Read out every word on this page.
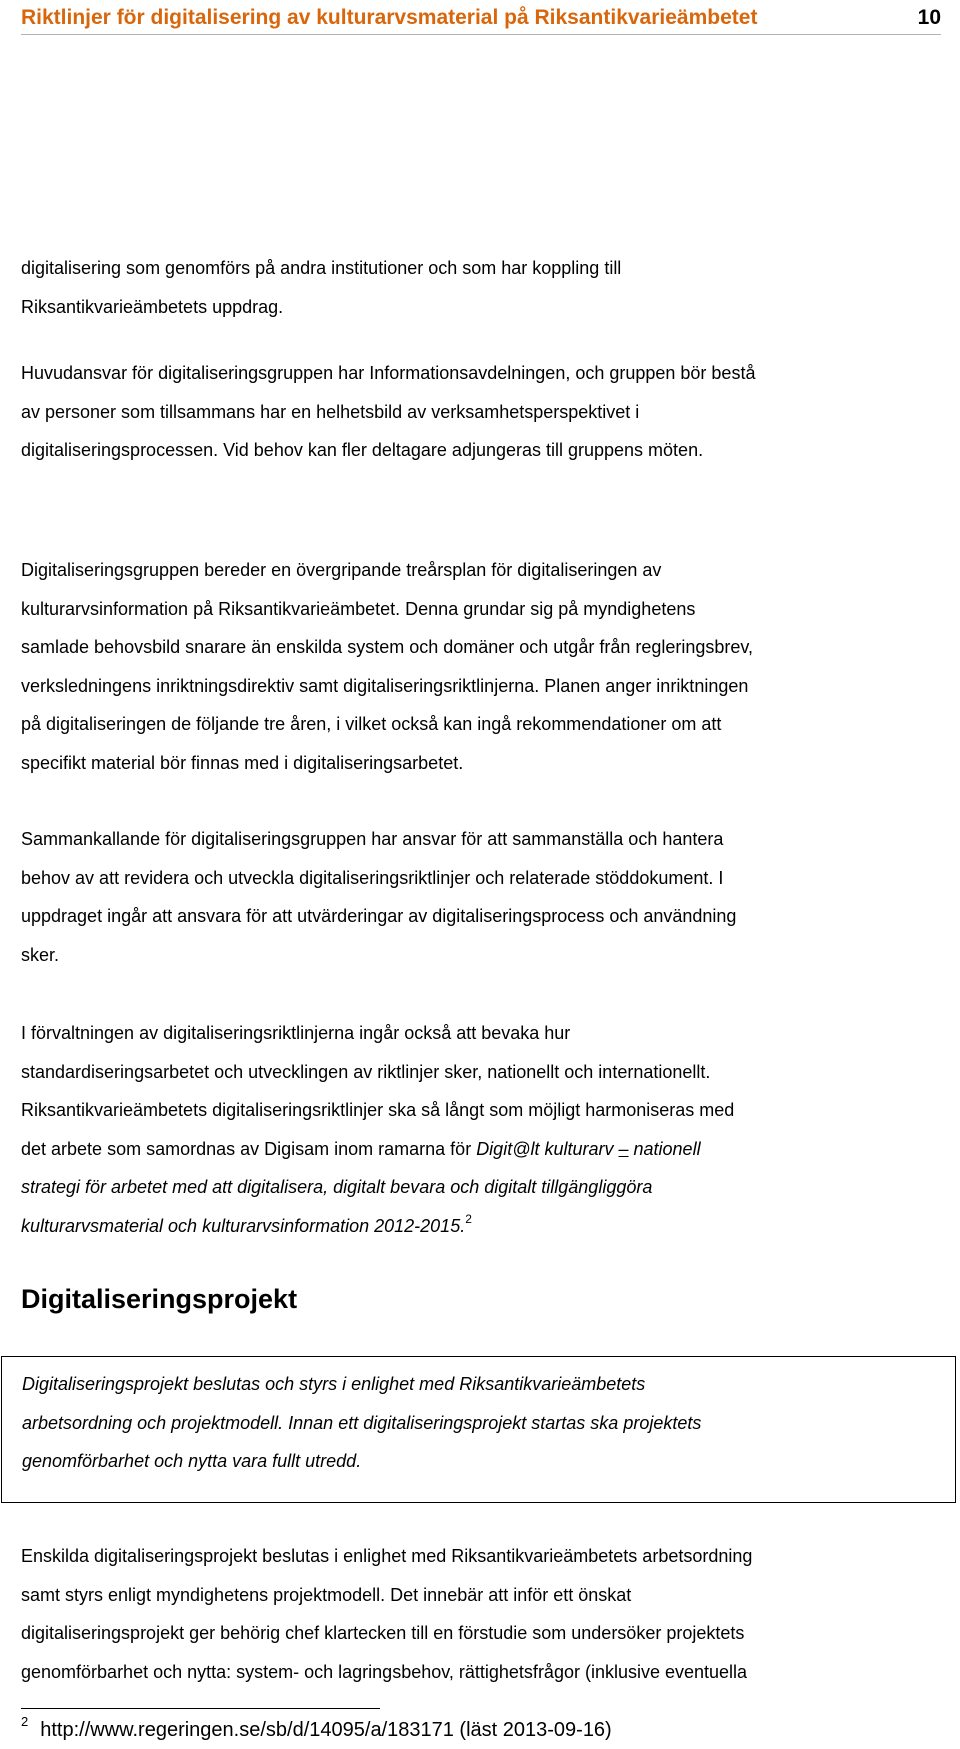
Riktlinjer för digitalisering av kulturarvsmaterial på Riksantikvarieämbetet	10
digitalisering som genomförs på andra institutioner och som har koppling till
Riksantikvarieämbetets uppdrag.
Huvudansvar för digitaliseringsgruppen har Informationsavdelningen, och gruppen bör bestå
av personer som tillsammans har en helhetsbild av verksamhetsperspektivet i
digitaliseringsprocessen. Vid behov kan fler deltagare adjungeras till gruppens möten.
Digitaliseringsgruppen bereder en övergripande treårsplan för digitaliseringen av
kulturarvsinformation på Riksantikvarieämbetet. Denna grundar sig på myndighetens
samlade behovsbild snarare än enskilda system och domäner och utgår från regleringsbrev,
verksledningens inriktningsdirektiv samt digitaliseringsriktlinjerna. Planen anger inriktningen
på digitaliseringen de följande tre åren, i vilket också kan ingå rekommendationer om att
specifikt material bör finnas med i digitaliseringsarbetet.
Sammankallande för digitaliseringsgruppen har ansvar för att sammanställa och hantera
behov av att revidera och utveckla digitaliseringsriktlinjer och relaterade stöddokument. I
uppdraget ingår att ansvara för att utvärderingar av digitaliseringsprocess och användning
sker.
I förvaltningen av digitaliseringsriktlinjerna ingår också att bevaka hur
standardiseringsarbetet och utvecklingen av riktlinjer sker, nationellt och internationellt.
Riksantikvarieämbetets digitaliseringsriktlinjer ska så långt som möjligt harmoniseras med
det arbete som samordnas av Digisam inom ramarna för Digit@lt kulturarv – nationell
strategi för arbetet med att digitalisera, digitalt bevara och digitalt tillgängliggöra
kulturarvsmaterial och kulturarvsinformation 2012-2015.$^2$
Digitaliseringsprojekt
Digitaliseringsprojekt beslutas och styrs i enlighet med Riksantikvarieämbetets
arbetsordning och projektmodell. Innan ett digitaliseringsprojekt startas ska projektets
genomförbarhet och nytta vara fullt utredd.
Enskilda digitaliseringsprojekt beslutas i enlighet med Riksantikvarieämbetets arbetsordning
samt styrs enligt myndighetens projektmodell. Det innebär att inför ett önskat
digitaliseringsprojekt ger behörig chef klartecken till en förstudie som undersöker projektets
genomförbarhet och nytta: system- och lagringsbehov, rättighetsfrågor (inklusive eventuella
$^2$ http://www.regeringen.se/sb/d/14095/a/183171 (läst 2013-09-16)
